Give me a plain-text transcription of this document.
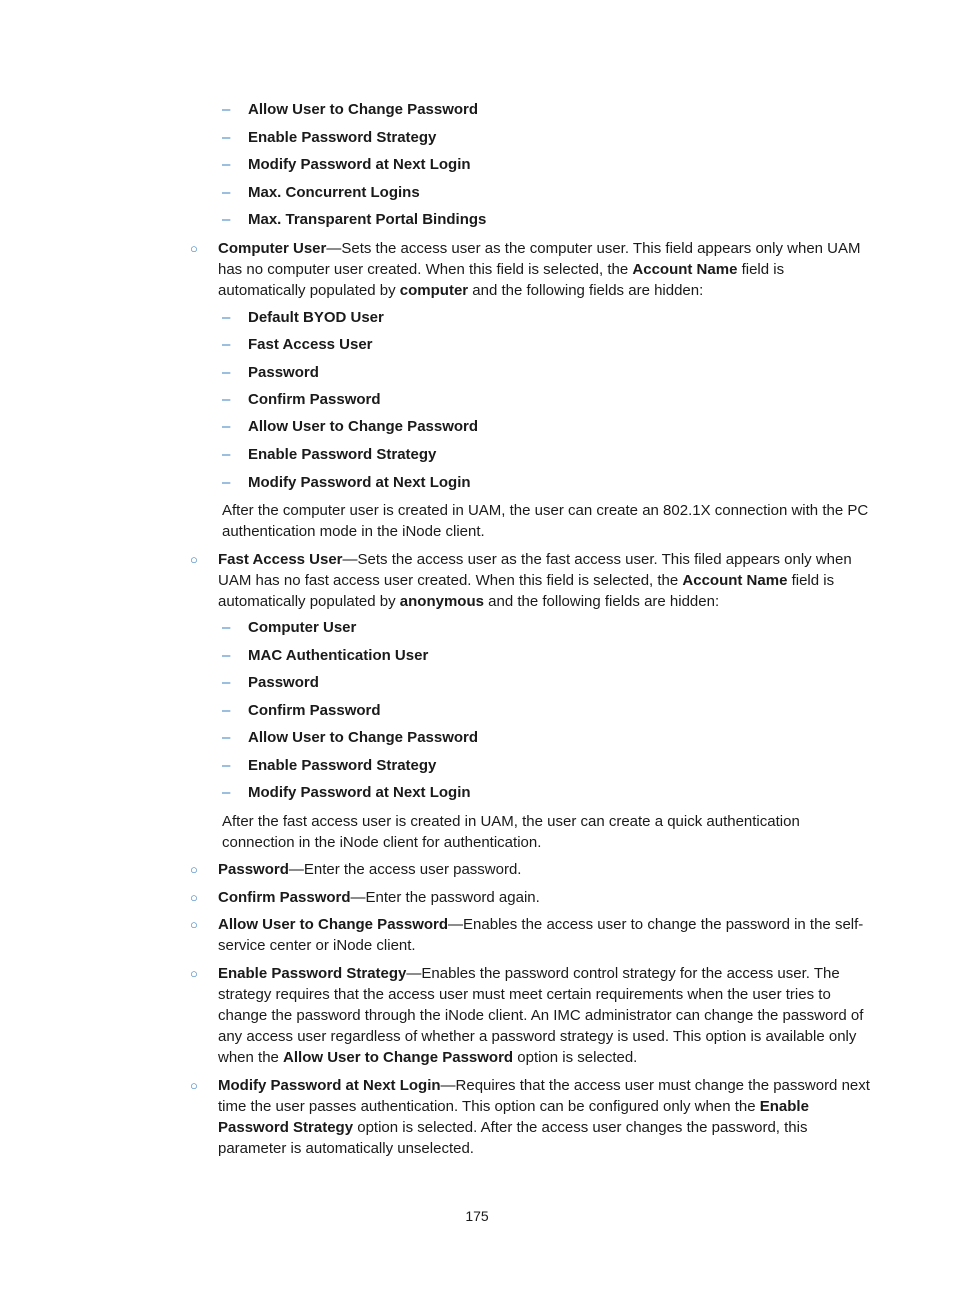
– Allow User to Change Password
– Enable Password Strategy
– Modify Password at Next Login
– Max. Concurrent Logins
– Max. Transparent Portal Bindings
○	Computer User—Sets the access user as the computer user. This field appears only when UAM has no computer user created. When this field is selected, the Account Name field is automatically populated by computer and the following fields are hidden:
– Default BYOD User
– Fast Access User
– Password
– Confirm Password
– Allow User to Change Password
– Enable Password Strategy
– Modify Password at Next Login
After the computer user is created in UAM, the user can create an 802.1X connection with the PC authentication mode in the iNode client.
○	Fast Access User—Sets the access user as the fast access user. This filed appears only when UAM has no fast access user created. When this field is selected, the Account Name field is automatically populated by anonymous and the following fields are hidden:
– Computer User
– MAC Authentication User
– Password
– Confirm Password
– Allow User to Change Password
– Enable Password Strategy
– Modify Password at Next Login
After the fast access user is created in UAM, the user can create a quick authentication connection in the iNode client for authentication.
○	Password—Enter the access user password.
○	Confirm Password—Enter the password again.
○	Allow User to Change Password—Enables the access user to change the password in the self-service center or iNode client.
○	Enable Password Strategy—Enables the password control strategy for the access user. The strategy requires that the access user must meet certain requirements when the user tries to change the password through the iNode client. An IMC administrator can change the password of any access user regardless of whether a password strategy is used. This option is available only when the Allow User to Change Password option is selected.
○	Modify Password at Next Login—Requires that the access user must change the password next time the user passes authentication. This option can be configured only when the Enable Password Strategy option is selected. After the access user changes the password, this parameter is automatically unselected.
175
